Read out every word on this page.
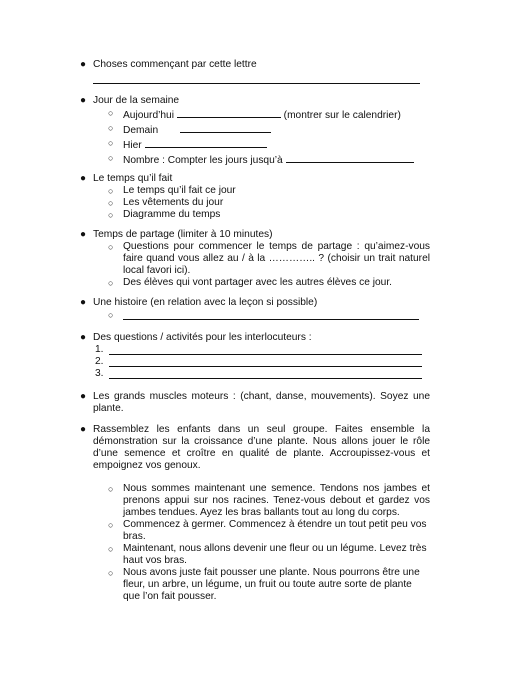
● Choses commençant par cette lettre

● Jour de la semaine

○ Aujourd’hui	(montrer sur le calendrier)
○ Demain
○ Hier
○ Nombre : Compter les jours jusqu’à
● Le temps qu’il fait

○ Le temps qu’il fait ce jour
○ Les vêtements du jour
○ Diagramme du temps
● Temps de partage (limiter à 10 minutes)

○ Questions pour commencer le temps de partage : qu’aimez-vous faire quand vous allez au / à la ………….. ? (choisir un trait naturel local favori ici).
○ Des élèves qui vont partager avec les autres élèves ce jour.
● Une histoire (en relation avec la leçon si possible)

○
● Des questions / activités pour les interlocuteurs :

1.
2.
3.
● Les grands muscles moteurs : (chant, danse, mouvements). Soyez une plante.

● Rassemblez les enfants dans un seul groupe. Faites ensemble la démonstration sur la croissance d’une plante. Nous allons jouer le rôle d’une semence et croître en qualité de plante. Accroupissez-vous et empoignez vos genoux.

○ Nous sommes maintenant une semence. Tendons nos jambes et prenons appui sur nos racines. Tenez-vous debout et gardez vos jambes tendues. Ayez les bras ballants tout au long du corps.
○ Commencez à germer. Commencez à étendre un tout petit peu vos bras.
○ Maintenant, nous allons devenir une fleur ou un légume. Levez très haut vos bras.
○ Nous avons juste fait pousser une plante. Nous pourrons être une fleur, un arbre, un légume, un fruit ou toute autre sorte de plante que l’on fait pousser.
